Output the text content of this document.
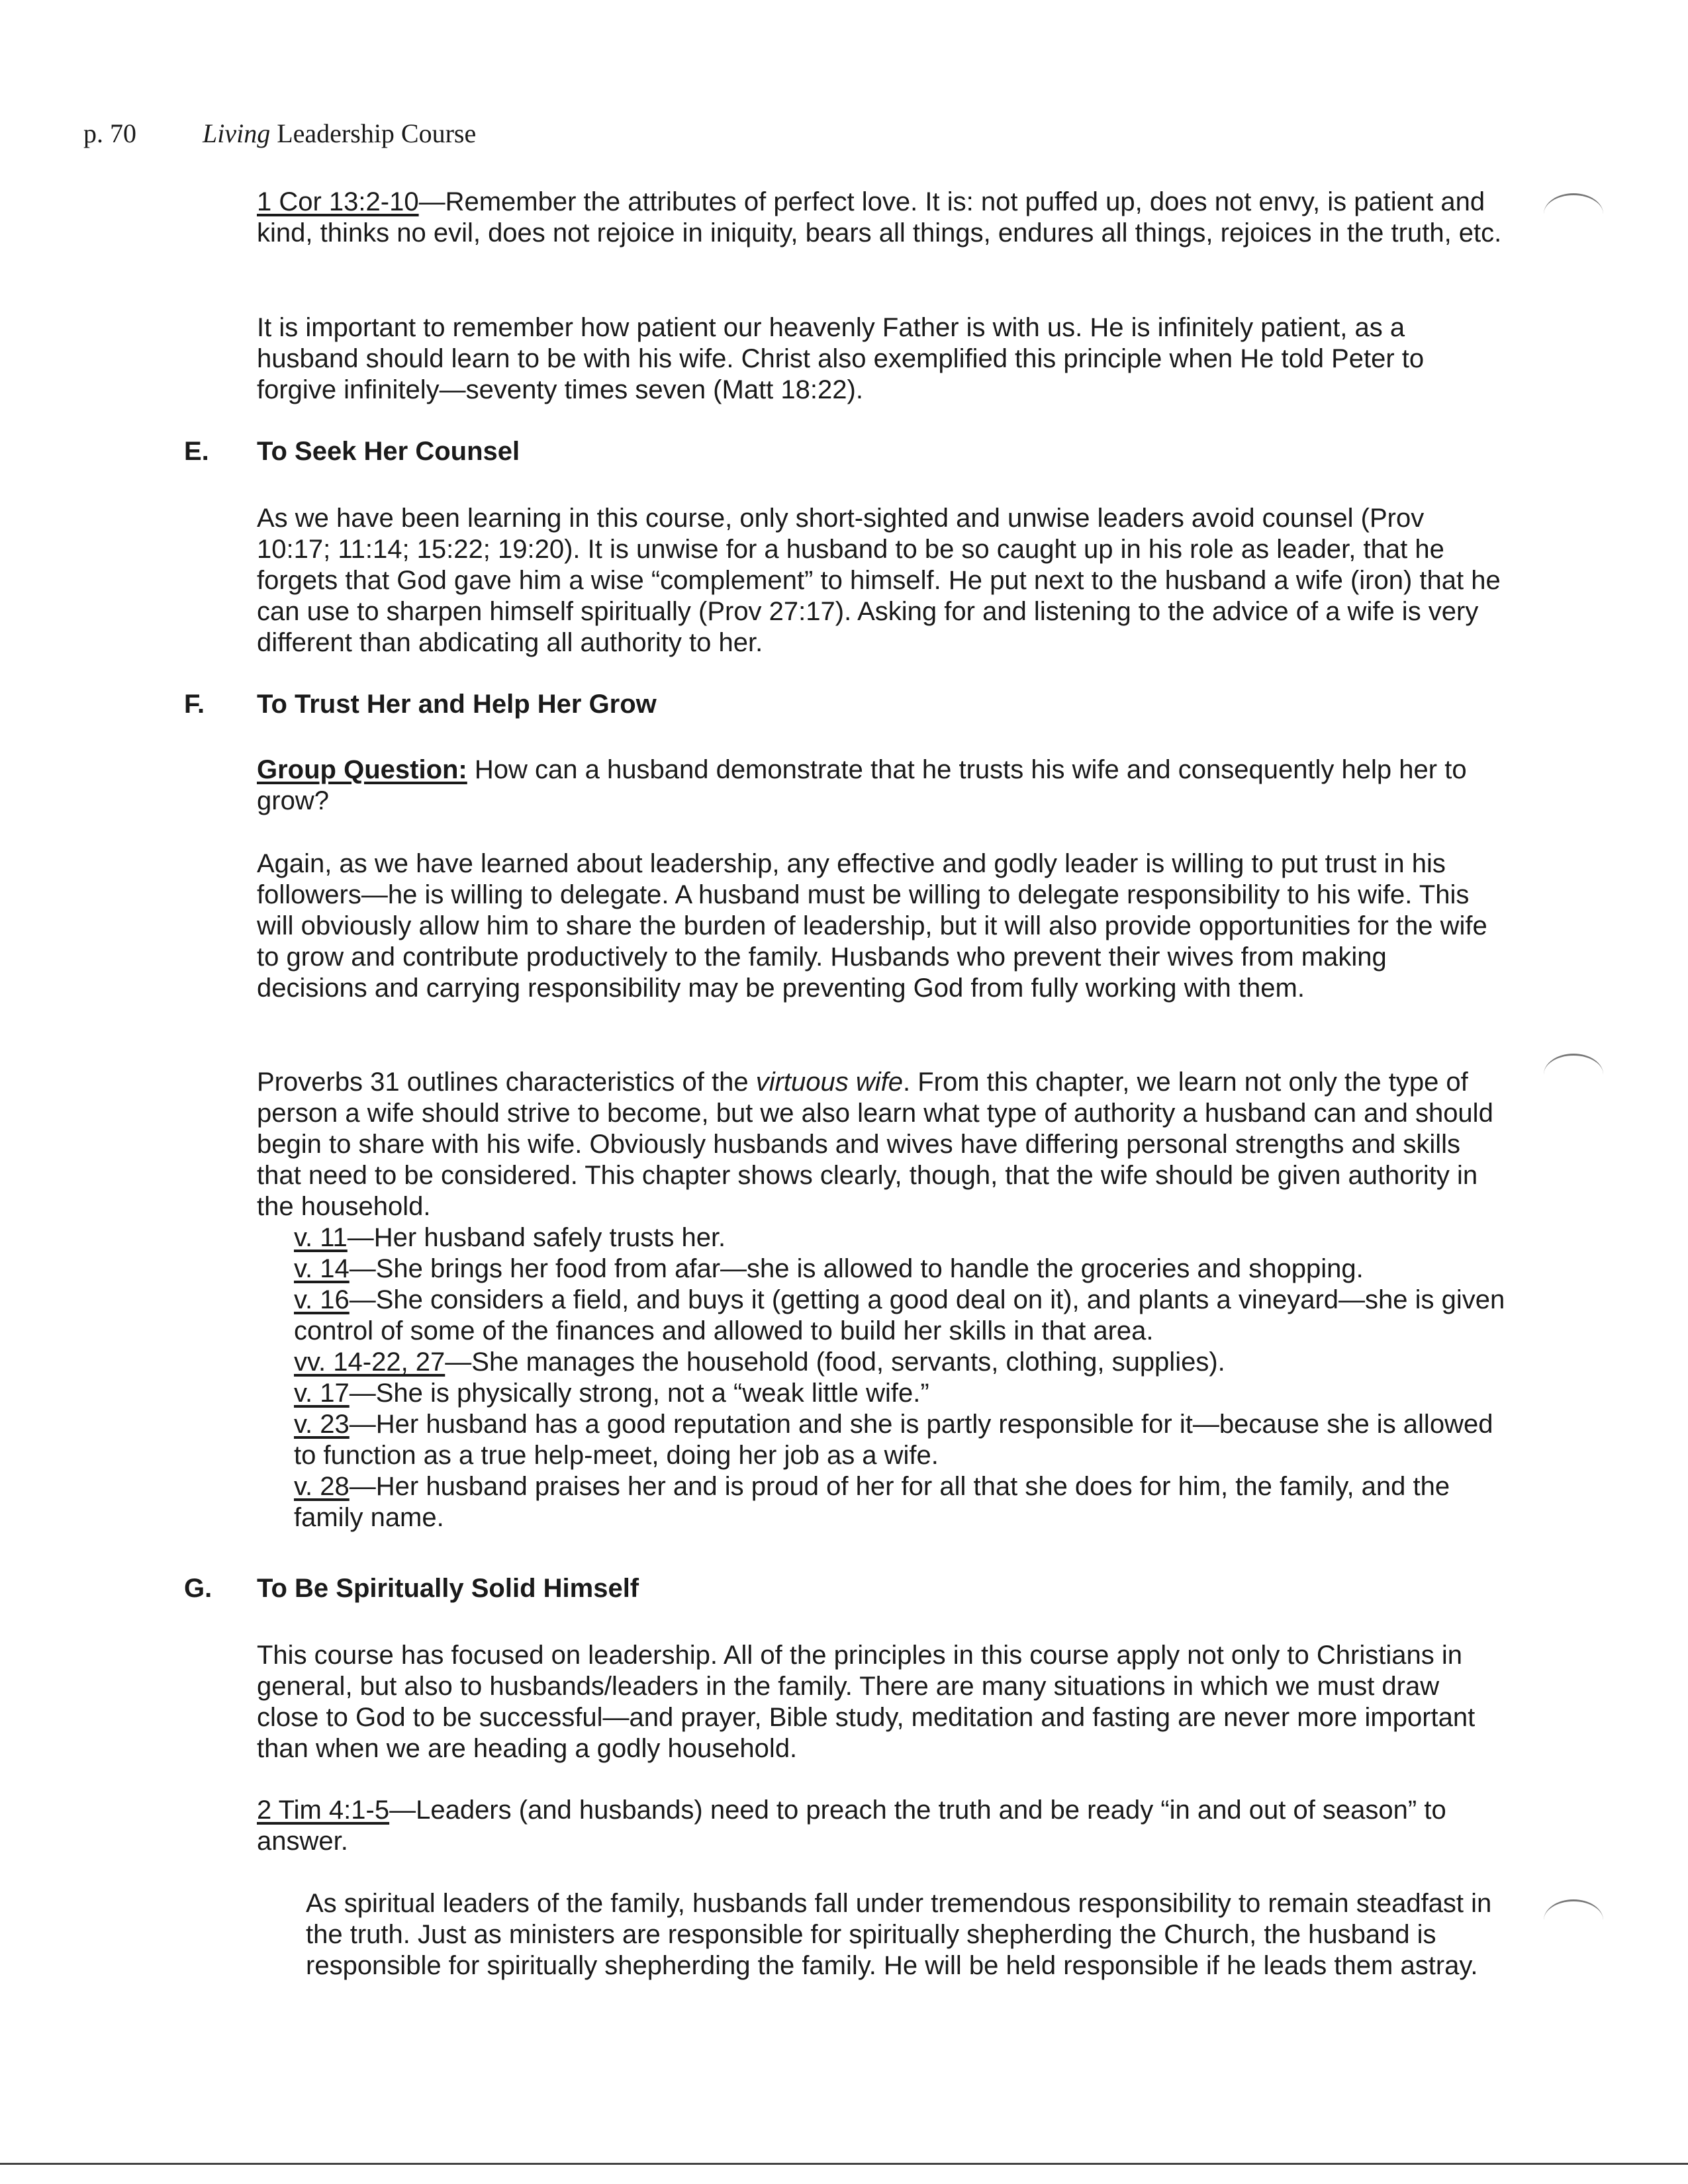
p. 70	Living Leadership Course

1 Cor 13:2-10—Remember the attributes of perfect love. It is: not puffed up, does not envy, is patient and kind, thinks no evil, does not rejoice in iniquity, bears all things, endures all things, rejoices in the truth, etc.

It is important to remember how patient our heavenly Father is with us. He is infinitely patient, as a husband should learn to be with his wife. Christ also exemplified this principle when He told Peter to forgive infinitely—seventy times seven (Matt 18:22).

E. To Seek Her Counsel

As we have been learning in this course, only short-sighted and unwise leaders avoid counsel (Prov 10:17; 11:14; 15:22; 19:20). It is unwise for a husband to be so caught up in his role as leader, that he forgets that God gave him a wise “complement” to himself. He put next to the husband a wife (iron) that he can use to sharpen himself spiritually (Prov 27:17). Asking for and listening to the advice of a wife is very different than abdicating all authority to her.

F. To Trust Her and Help Her Grow

Group Question: How can a husband demonstrate that he trusts his wife and consequently help her to grow?

Again, as we have learned about leadership, any effective and godly leader is willing to put trust in his followers—he is willing to delegate. A husband must be willing to delegate responsibility to his wife. This will obviously allow him to share the burden of leadership, but it will also provide opportunities for the wife to grow and contribute productively to the family. Husbands who prevent their wives from making decisions and carrying responsibility may be preventing God from fully working with them.

Proverbs 31 outlines characteristics of the virtuous wife. From this chapter, we learn not only the type of person a wife should strive to become, but we also learn what type of authority a husband can and should begin to share with his wife. Obviously husbands and wives have differing personal strengths and skills that need to be considered. This chapter shows clearly, though, that the wife should be given authority in the household.

v. 11—Her husband safely trusts her.
v. 14—She brings her food from afar—she is allowed to handle the groceries and shopping.
v. 16—She considers a field, and buys it (getting a good deal on it), and plants a vineyard—she is given control of some of the finances and allowed to build her skills in that area.
vv. 14-22, 27—She manages the household (food, servants, clothing, supplies).
v. 17—She is physically strong, not a “weak little wife.”
v. 23—Her husband has a good reputation and she is partly responsible for it—because she is allowed to function as a true help-meet, doing her job as a wife.
v. 28—Her husband praises her and is proud of her for all that she does for him, the family, and the family name.
G. To Be Spiritually Solid Himself

This course has focused on leadership. All of the principles in this course apply not only to Christians in general, but also to husbands/leaders in the family. There are many situations in which we must draw close to God to be successful—and prayer, Bible study, meditation and fasting are never more important than when we are heading a godly household.

2 Tim 4:1-5—Leaders (and husbands) need to preach the truth and be ready “in and out of season” to answer.

As spiritual leaders of the family, husbands fall under tremendous responsibility to remain steadfast in the truth. Just as ministers are responsible for spiritually shepherding the Church, the husband is responsible for spiritually shepherding the family. He will be held responsible if he leads them astray.
